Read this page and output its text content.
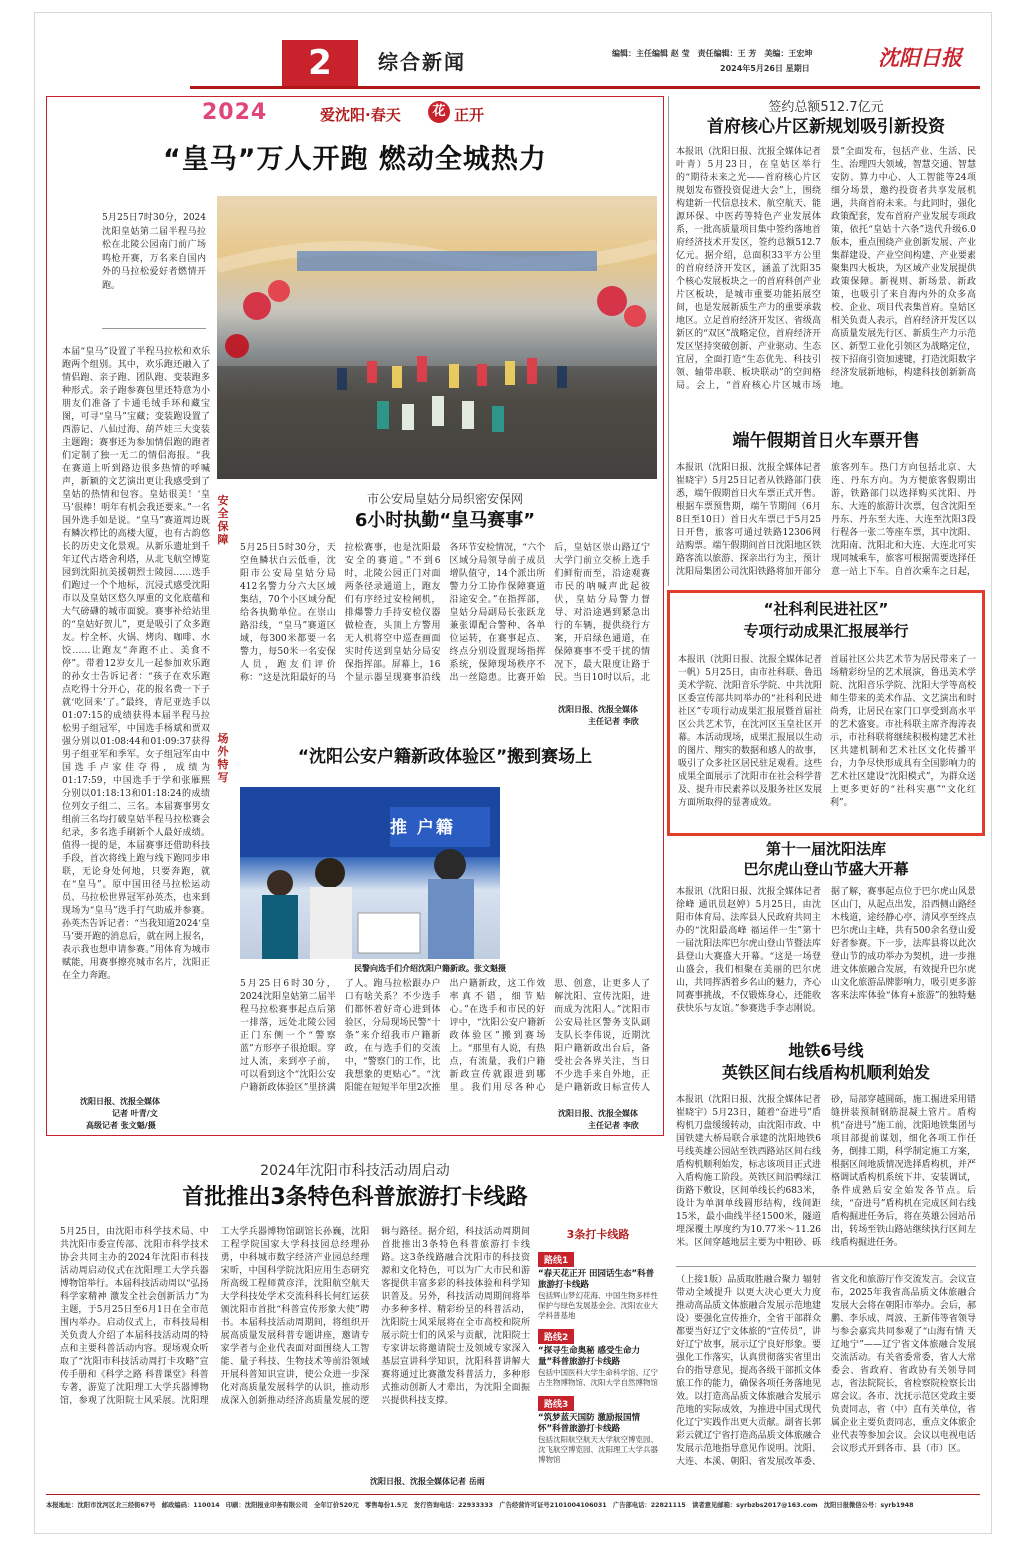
2	综合新闻	编辑：主任编辑 赵 莹　责任编辑：王 芳　美编：王宏坤
2024年5月26日 星期日	沈阳日报
2024	爱沈阳·春天	花 正开
“皇马”万人开跑 燃动全城热力

5月25日7时30分，2024沈阳皇姑第二届半程马拉松在北陵公园南门前广场鸣枪开赛，万名来自国内外的马拉松爱好者燃情开跑。

本届“皇马”设置了半程马拉松和欢乐跑两个组别。其中，欢乐跑还融入了情侣跑、亲子跑、团队跑、变装跑多种形式。亲子跑参赛包里还特意为小朋友们准备了卡通毛绒手环和藏宝图，可寻“皇马”宝藏；变装跑设置了西游记、八仙过海、葫芦娃三大变装主题跑；赛事还为参加情侣跑的跑者们定制了独一无二的情侣海报。“我在赛道上听到路边很多热情的呼喊声，新颖的文艺演出更让我感受到了皇姑的热情和包容。皇姑很美！‘皇马’很棒！明年有机会我还要来。”一名国外选手如是说。“皇马”赛道周边既有鳞次栉比的高楼大厦，也有古韵悠长的历史文化景观。从新乐遗址到千年辽代古塔舍利塔，从北飞航空博览园到沈阳抗美援朝烈士陵园……选手们跑过一个个地标，沉浸式感受沈阳市以及皇姑区悠久厚重的文化底蕴和大气磅礴的城市面貌。赛事补给站里的“皇姑好贺儿”，更是吸引了众多跑友。柠全杯、火锅、烤肉、咖啡、水饺……让跑友“奔跑不止、美食不停”。带着12岁女儿一起参加欢乐跑的孙女士告诉记者：“孩子在欢乐跑点吃得十分开心，花的报名费一下子就‘吃回来’了。”最终，青尼亚选手以01:07:15的成绩获得本届半程马拉松男子组冠军，中国选手杨斌和贾双强分别以01:08:44和01:09:37获得男子组亚军和季军。女子组冠军由中国选手卢家佳夺得，成绩为01:17:59，中国选手于学和张雁熙分别以01:18:13和01:18:24的成绩位列女子组二、三名。本届赛事男女组前三名均打破皇姑半程马拉松赛会纪录，多名选手刷新个人最好成绩。值得一提的是，本届赛事还借助科技手段，首次将线上跑与线下跑同步串联，无论身处何地，只要奔跑，就在“皇马”。原中国田径马拉松运动员、马拉松世界冠军孙英杰，也来到现场为“皇马”选手打气助威并参赛。孙英杰告诉记者：“当我知道2024‘皇马’要开跑的消息后，就在网上报名，表示我也想申请参赛。”用体育为城市赋能，用赛事擦亮城市名片，沈阳正在全力奔跑。

沈阳日报、沈报全媒体
记者 叶青/文
高级记者 张文魁/摄
安全保障
市公安局皇姑分局织密安保网
6小时执勤“皇马赛事”

5月25日5时30分，天空鱼鳞状白云低垂，沈阳市公安局皇姑分局412名警力分六大区域集结，70个小区域分配给各执勤单位。在崇山路沿线，“皇马”赛道区域，每300米都要一名警力，每50米一名安保人员，跑友们评价称：“这是沈阳最好的马拉松赛事，也是沈阳最安全的赛道。”不到6时，北陵公园正门对面两条径录通道上，跑友们有序经过安检闸机，排爆警力手持安检仪器做检查，头顶上方警用无人机将空中巡查画面实时传送到皇姑分局安保指挥部。屏幕上，16个显示器呈现赛事沿线各环节安检情况，“六个区域分局领导前子成员增队值守，14个派出所警力分工协作保障赛道沿途安全。”在指挥部，皇姑分局副局长张跃龙兼张谭配合警种、各单位运转，在赛事起点、终点分别设置现场指挥系统，保障现场秩序不出一丝隐患。比赛开始后，皇姑区崇山路辽宁大学门前立交桥上选手们鲜衔而至，沿途观赛市民的呐喊声此起彼伏，皇姑分局警力督导、对沿途遇到紧急出行的车辆，提供绕行方案，开启绿色通道，在保障赛事不受干扰的情况下，最大限度让路于民。当日10时以后，北

沈阳日报、沈报全媒体
主任记者 李欣
场外特写
“沈阳公安户籍新政体验区”搬到赛场上
推 户籍
民警向选手们介绍沈阳户籍新政。张文魁摄

5月25日6时30分，2024沈阳皇姑第二届半程马拉松赛事起点后第一排落，远处北陵公园正门东侧一个“警察蓝”方形亭子很抢眼。穿过人流，来到亭子前，可以看到这个“沈阳公安户籍新政体验区”里挤满了人。跑马拉松跟办户口有啥关系？不少选手们都怀着好奇心进到体验区，分局现场民警“十条”来介绍我市户籍新政，在与选手们的交流中，“警察门的工作，比我想象的更贴心”。“沈阳能在短短半年里2次推出户籍新政，这工作效率真不错，细节贴心。”在选手和市民的好评中，“沈阳公安户籍新政体验区”搬到赛场上。“那里有人说，有热点，有流量，我们户籍新政宣传就跟进到哪里。我们用尽各种心思、创意，让更多人了解沈阳、宣传沈阳，进而成为沈阳人。”沈阳市公安局社区警务支队副支队长李伟说，近期沈阳户籍新政出台后，备受社会各界关注，当日不少选手来自外地，正是户籍新政日标宣传人

沈阳日报、沈报全媒体
主任记者 李欣
2024年沈阳市科技活动周启动
首批推出3条特色科普旅游打卡线路

5月25日，由沈阳市科学技术局、中共沈阳市委宣传部、沈阳市科学技术协会共同主办的2024年沈阳市科技活动周启动仪式在沈阳理工大学兵器博物馆举行。本届科技活动周以“弘扬科学家精神 激发全社会创新活力”为主题，于5月25日至6月1日在全市范围内举办。启动仪式上，市科技局相关负责人介绍了本届科技活动周的特点和主要科普活动内容。现场观众听取了“沈阳市科技活动周打卡攻略”宣传手册和《科学之路 科普课堂》科普专著，游览了沈阳理工大学兵器博物馆，参观了沈阳院士风采展。沈阳理工大学兵器博物馆副馆长孙巍，沈阳工程学院国家大学科技园总经理孙勇，中科城市数字经济产业园总经理宋昕，中国科学院沈阳应用生态研究所高级工程师黄彦洋，沈阳航空航天大学科技处学术交流科科长何红运获颁沈阳市首批“科普宣传形象大使”聘书。本届科技活动周期间，将组织开展高质量发展科普专题讲座，邀请专家学者与企业代表面对面围绕人工智能、量子科技、生物技术等前沿领域开展科普知识宣讲，使公众进一步深化对高质量发展科学的认识，推动形成深入创新推动经济高质量发展的逻辑与路径。据介绍，科技活动周期间首批推出3条特色科普旅游打卡线路。这3条线路融合沈阳市的科技资源和文化特色，可以为广大市民和游客提供丰富多彩的科技体验和科学知识普及。另外，科技活动周期间将举办多种多样、精彩纷呈的科普活动，沈阳院士风采展将在全市高校和院所展示院士们的风采与贡献，沈阳院士专家讲坛将邀请院士及领域专家深入基层宣讲科学知识，沈阳科普讲解大赛将通过比赛激发科普活力，多种形式推动创新人才辈出，为沈阳全面振兴提供科技支撑。

3条打卡线路
路线1
“春天花正开 田园话生态”科普旅游打卡线路
包括辉山梦幻花海、中国生物多样性保护与绿色发展基金会、沈阳农业大学科普基地
路线2
“探寻生命奥秘 感受生命力量”科普旅游打卡线路
包括中国医科大学生命科学馆、辽宁古生物博物馆、沈阳大学自然博物馆
路线3
“筑梦蓝天国防 激励报国情怀”科普旅游打卡线路
包括沈阳航空航天大学航空博览园、沈飞航空博览园、沈阳理工大学兵器博物馆
沈阳日报、沈报全媒体记者 岳雨
签约总额512.7亿元
首府核心片区新规划吸引新投资

本报讯（沈阳日报、沈报全媒体记者叶青）5月23日，在皇姑区举行的“期待未来之光——首府核心片区规划发布暨投资促进大会”上，围绕构建新一代信息技术、航空航天、能源环保、中医药等特色产业发展体系，一批高质量项目集中签约落地首府经济技术开发区，签约总额512.7亿元。据介绍，总面积33平方公里的首府经济开发区，涵盖了沈阳35个核心发展板块之一的首府科创产业片区板块，是城市重要功能拓展空间，也是发展新质生产力的重要承载地区。立足首府经济开发区、省级高新区的“双区”战略定位，首府经济开发区坚持突破创新、产业驱动、生态宜居，全面打造“生态优先、科技引领、轴带串联、板块联动”的空间格局。会上，“首府核心片区城市场景”全面发布，包括产业、生活、民生、治理四大领域，智慧交通、智慧安防、算力中心、人工智能等24项细分场景，邀约投资者共享发展机遇，共商首府未来。与此同时，强化政策配套，发布首府产业发展专项政策，依托“皇姑十六条”迭代升级6.0版本，重点围绕产业创新发展、产业集群建设、产业空间构建、产业要素聚集四大板块，为区域产业发展提供政策保障。新视则、新场景、新政策，也吸引了来自海内外的众多高校、企业、项目代表集首府。皇姑区相关负责人表示，首府经济开发区以高质量发展先行区、新质生产力示范区、新型工业化引领区为战略定位，按下招商引资加速键，打造沈阳数字经济发展新地标，构建科技创新新高地。

端午假期首日火车票开售

本报讯（沈阳日报、沈报全媒体记者崔晓宇）5月25日记者从铁路部门获悉，端午假期首日火车票正式开售。根据车票预售期，端午节期间（6月8日至10日）首日火车票已于5月25日开售，旅客可通过铁路12306网站购票。端午假期间首日沈阳地区铁路客流以旅游、探亲出行为主，预计沈阳局集团公司沈阳铁路将加开部分旅客列车。热门方向包括北京、大连、丹东方向。为方便旅客假期出游，铁路部门以选择购买沈阳、丹东、大连的旅游计次票，包含沈阳至丹东、丹东至大连、大连至沈阳3段行程各一张二等座车票，其中沈阳、沈阳南、沈阳北和大连、大连北可实现同城乘车，旅客可根据需要选择任意一站上下车。自首次乘车之日起，

“社科利民进社区”
专项行动成果汇报展举行

本报讯（沈阳日报、沈报全媒体记者一帆）5月25日，由市社科联、鲁迅美术学院、沈阳音乐学院、中共沈阳区委宣传部共同举办的“社科利民进社区”专项行动成果汇报展暨首届社区公共艺术节，在沈河区玉皇社区开幕。本活动现场，成果汇报展以生动的图片、翔实的数据和感人的故事，吸引了众多社区居民驻足观看。这些成果全面展示了沈阳市在社会科学普及、提升市民素养以及服务社区发展方面所取得的显著成效。

首届社区公共艺术节为居民带来了一场精彩纷呈的艺术展演，鲁迅美术学院、沈阳音乐学院、沈阳大学等高校师生带来的美术作品、文艺演出和时尚秀，让居民在家门口享受到高水平的艺术盛宴。市社科联主席齐海涛表示，市社科联将继续积极构建艺术社区共建机制和艺术社区文化传播平台，力争尽快形成具有全国影响力的艺术社区建设“沈阳模式”，为群众送上更多更好的“社科实惠”“文化红利”。

第十一届沈阳法库
巴尔虎山登山节盛大开幕

本报讯（沈阳日报、沈报全媒体记者徐峰 通讯员赵婷）5月25日，由沈阳市体育局、法库县人民政府共同主办的“沈阳最高峰 福运伴一生”第十一届沈阳法库巴尔虎山登山节暨法库县登山大赛盛大开幕。“这是一场登山盛会，我们相聚在美丽的巴尔虎山，共同挥洒着乡名山的魅力，齐心同赛事挑战，不仅锻炼身心，还能收获快乐与友谊。”参赛选手李志刚说。据了解，赛事起点位于巴尔虎山风景区山门，从起点出发，沿西侧山路经木栈道，途经静心亭、清风亭至终点巴尔虎山主峰，共有500余名登山爱好者参赛。下一步，法库县将以此次登山节的成功举办为契机，进一步推进文体旅融合发展，有效提升巴尔虎山文化旅游品牌影响力，吸引更多游客来法库体验“体育+旅游”的独特魅

地铁6号线
英铁区间右线盾构机顺利始发

本报讯（沈阳日报、沈报全媒体记者崔晓宇）5月23日，随着“奋进号”盾构机刀盘缓缓转动，由沈阳市政、中国铁建大桥局联合承建的沈阳地铁6号线英雄公园站至铁西路站区间右线盾构机顺利始发，标志该项目正式进入盾构施工阶段。英铁区间沿鸭绿江街路下敷设，区间单线长约683米，设计为单洞单线圆形结构，线间距15米，最小曲线半径1500米，隧道埋深覆土厚度约为10.77米～11.26米。区间穿越地层主要为中粗砂、砾砂，局部穿越圆砾，施工掘进采用错缝拼装预制钢筋混凝土管片。盾构机“奋进号”施工前，沈阳地铁集团与项目部提前谋划，细化各项工作任务，倒排工期，科学制定施工方案，根据区间地质情况选择盾构机，并严格调试盾构机系统下井、安装调试，条件成熟后安全始发各节点。后续，“奋进号”盾构机在完成区间右线盾构掘进任务后，将在英雄公园站吊出，转场至铁山路站继续执行区间左线盾构掘进任务。

（上接1版）品质取胜融合聚力 辐射带动全域提升 以更大决心更大力度推动高品质文体旅融合发展示范地建设）要强化宣传推介，全省干部群众都要当好辽宁文体旅的“宣传员”，讲好辽宁故事，展示辽宁良好形象。要强化工作落实，认真贯彻落实省里出台的指导意见，提高各级干部抓文体旅工作的能力，确保各项任务落地见效。以打造高品质文体旅融合发展示范地的实际成效，为推进中国式现代化辽宁实践作出更大贡献。副省长郭彩云就辽宁省打造高品质文体旅融合发展示范地指导意见作说明。沈阳、大连、本溪、朝阳、省发展改革委、省文化和旅游厅作交流发言。会议宣布，2025年我省高品质文体旅融合发展大会将在朝阳市举办。会后，郝鹏、李乐成、周波、王新伟等省领导与参会嘉宾共同参观了“山海有情 天辽地宁”——辽宁省文体旅融合发展交流活动。有关省委常委，省人大常委会、省政府、省政协有关领导同志，省法院院长，省检察院检察长出席会议。各市、沈抚示范区党政主要负责同志，省（中）直有关单位，省属企业主要负责同志，重点文体旅企业代表等参加会议。会议以电视电话会议形式开到各市、县（市）区。

本报地址：沈阳市沈河区北三经街67号　邮政编码：110014　印刷：沈阳报业印务有限公司　全年订价520元　零售每份1.5元　发行咨询电话：22933333　广告经营许可证号2101004106031　广告部电话：22821115　读者意见邮箱：syrbzbs2017@163.com　沈阳日报微信公号：syrb1948
